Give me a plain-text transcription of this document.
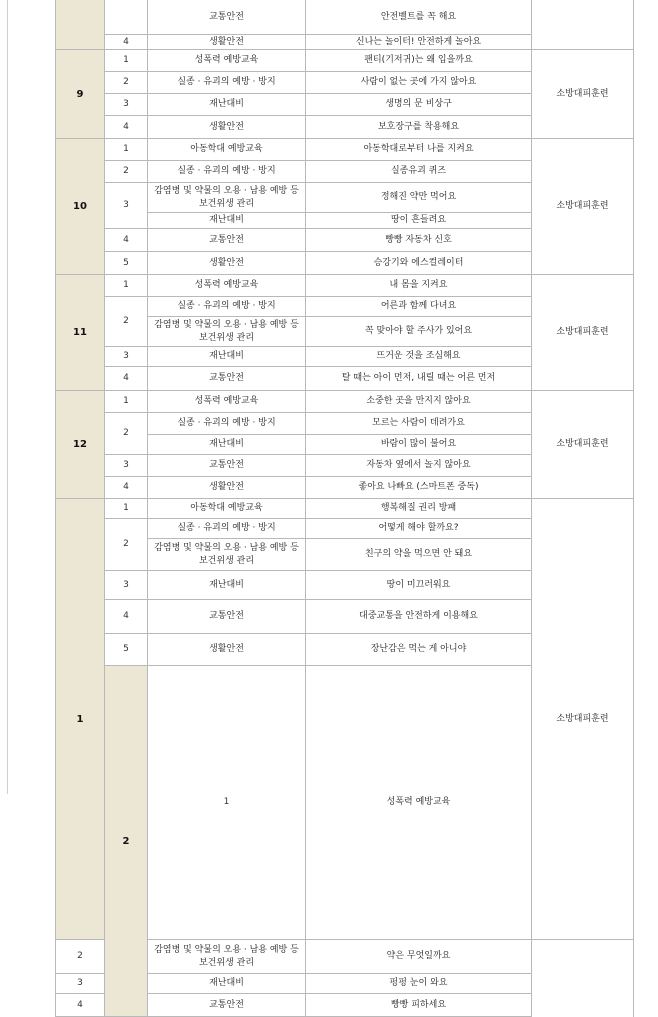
		교통안전	안전벨트를 꼭 해요		
	4	생활안전	신나는 놀이터! 안전하게 놀아요		
9	1	성폭력 예방교육	팬티(기저귀)는 왜 입을까요	소방대피훈련	
	2	실종 · 유괴의 예방 · 방지	사람이 없는 곳에 가지 않아요		
	3	재난대비	생명의 문 비상구		
	4	생활안전	보호장구를 착용해요		
10	1	아동학대 예방교육	아동학대로부터 나를 지켜요	소방대피훈련	
	2	실종 · 유괴의 예방 · 방지	실종유괴 퀴즈		
	3	감염병 및 약물의 오용 · 남용 예방 등 보건위생 관리	정해진 약만 먹어요		
		재난대비	땅이 흔들려요		
	4	교통안전	빵빵 자동차 신호		
	5	생활안전	승강기와 에스컬레이터		
11	1	성폭력 예방교육	내 몸을 지켜요	소방대피훈련	
	2	실종 · 유괴의 예방 · 방지	어른과 함께 다녀요		
		감염병 및 약물의 오용 · 남용 예방 등 보건위생 관리	꼭 맞아야 할 주사가 있어요		
	3	재난대비	뜨거운 것을 조심해요		
	4	교통안전	탈 때는 아이 먼저, 내릴 때는 어른 먼저		
12	1	성폭력 예방교육	소중한 곳을 만지지 않아요	소방대피훈련	
	2	실종 · 유괴의 예방 · 방지	모르는 사람이 데려가요		
		재난대비	바람이 많이 불어요		
	3	교통안전	자동차 옆에서 놀지 않아요		
	4	생활안전	좋아요 나빠요 (스마트폰 중독)		
1	1	아동학대 예방교육	행복해질 권리 방패	소방대피훈련	
	2	실종 · 유괴의 예방 · 방지	어떻게 해야 할까요?		
		감염병 및 약물의 오용 · 남용 예방 등 보건위생 관리	친구의 약을 먹으면 안 돼요		
	3	재난대비	땅이 미끄러워요		
	4	교통안전	대중교통을 안전하게 이용해요		
	5	생활안전	장난감은 먹는 게 아니야		
	2	1	성폭력 예방교육		
2		감염병 및 약물의 오용 · 남용 예방 등 보건위생 관리	약은 무엇일까요		
3		재난대비	펑펑 눈이 와요		
4		교통안전	빵빵 피하세요		
